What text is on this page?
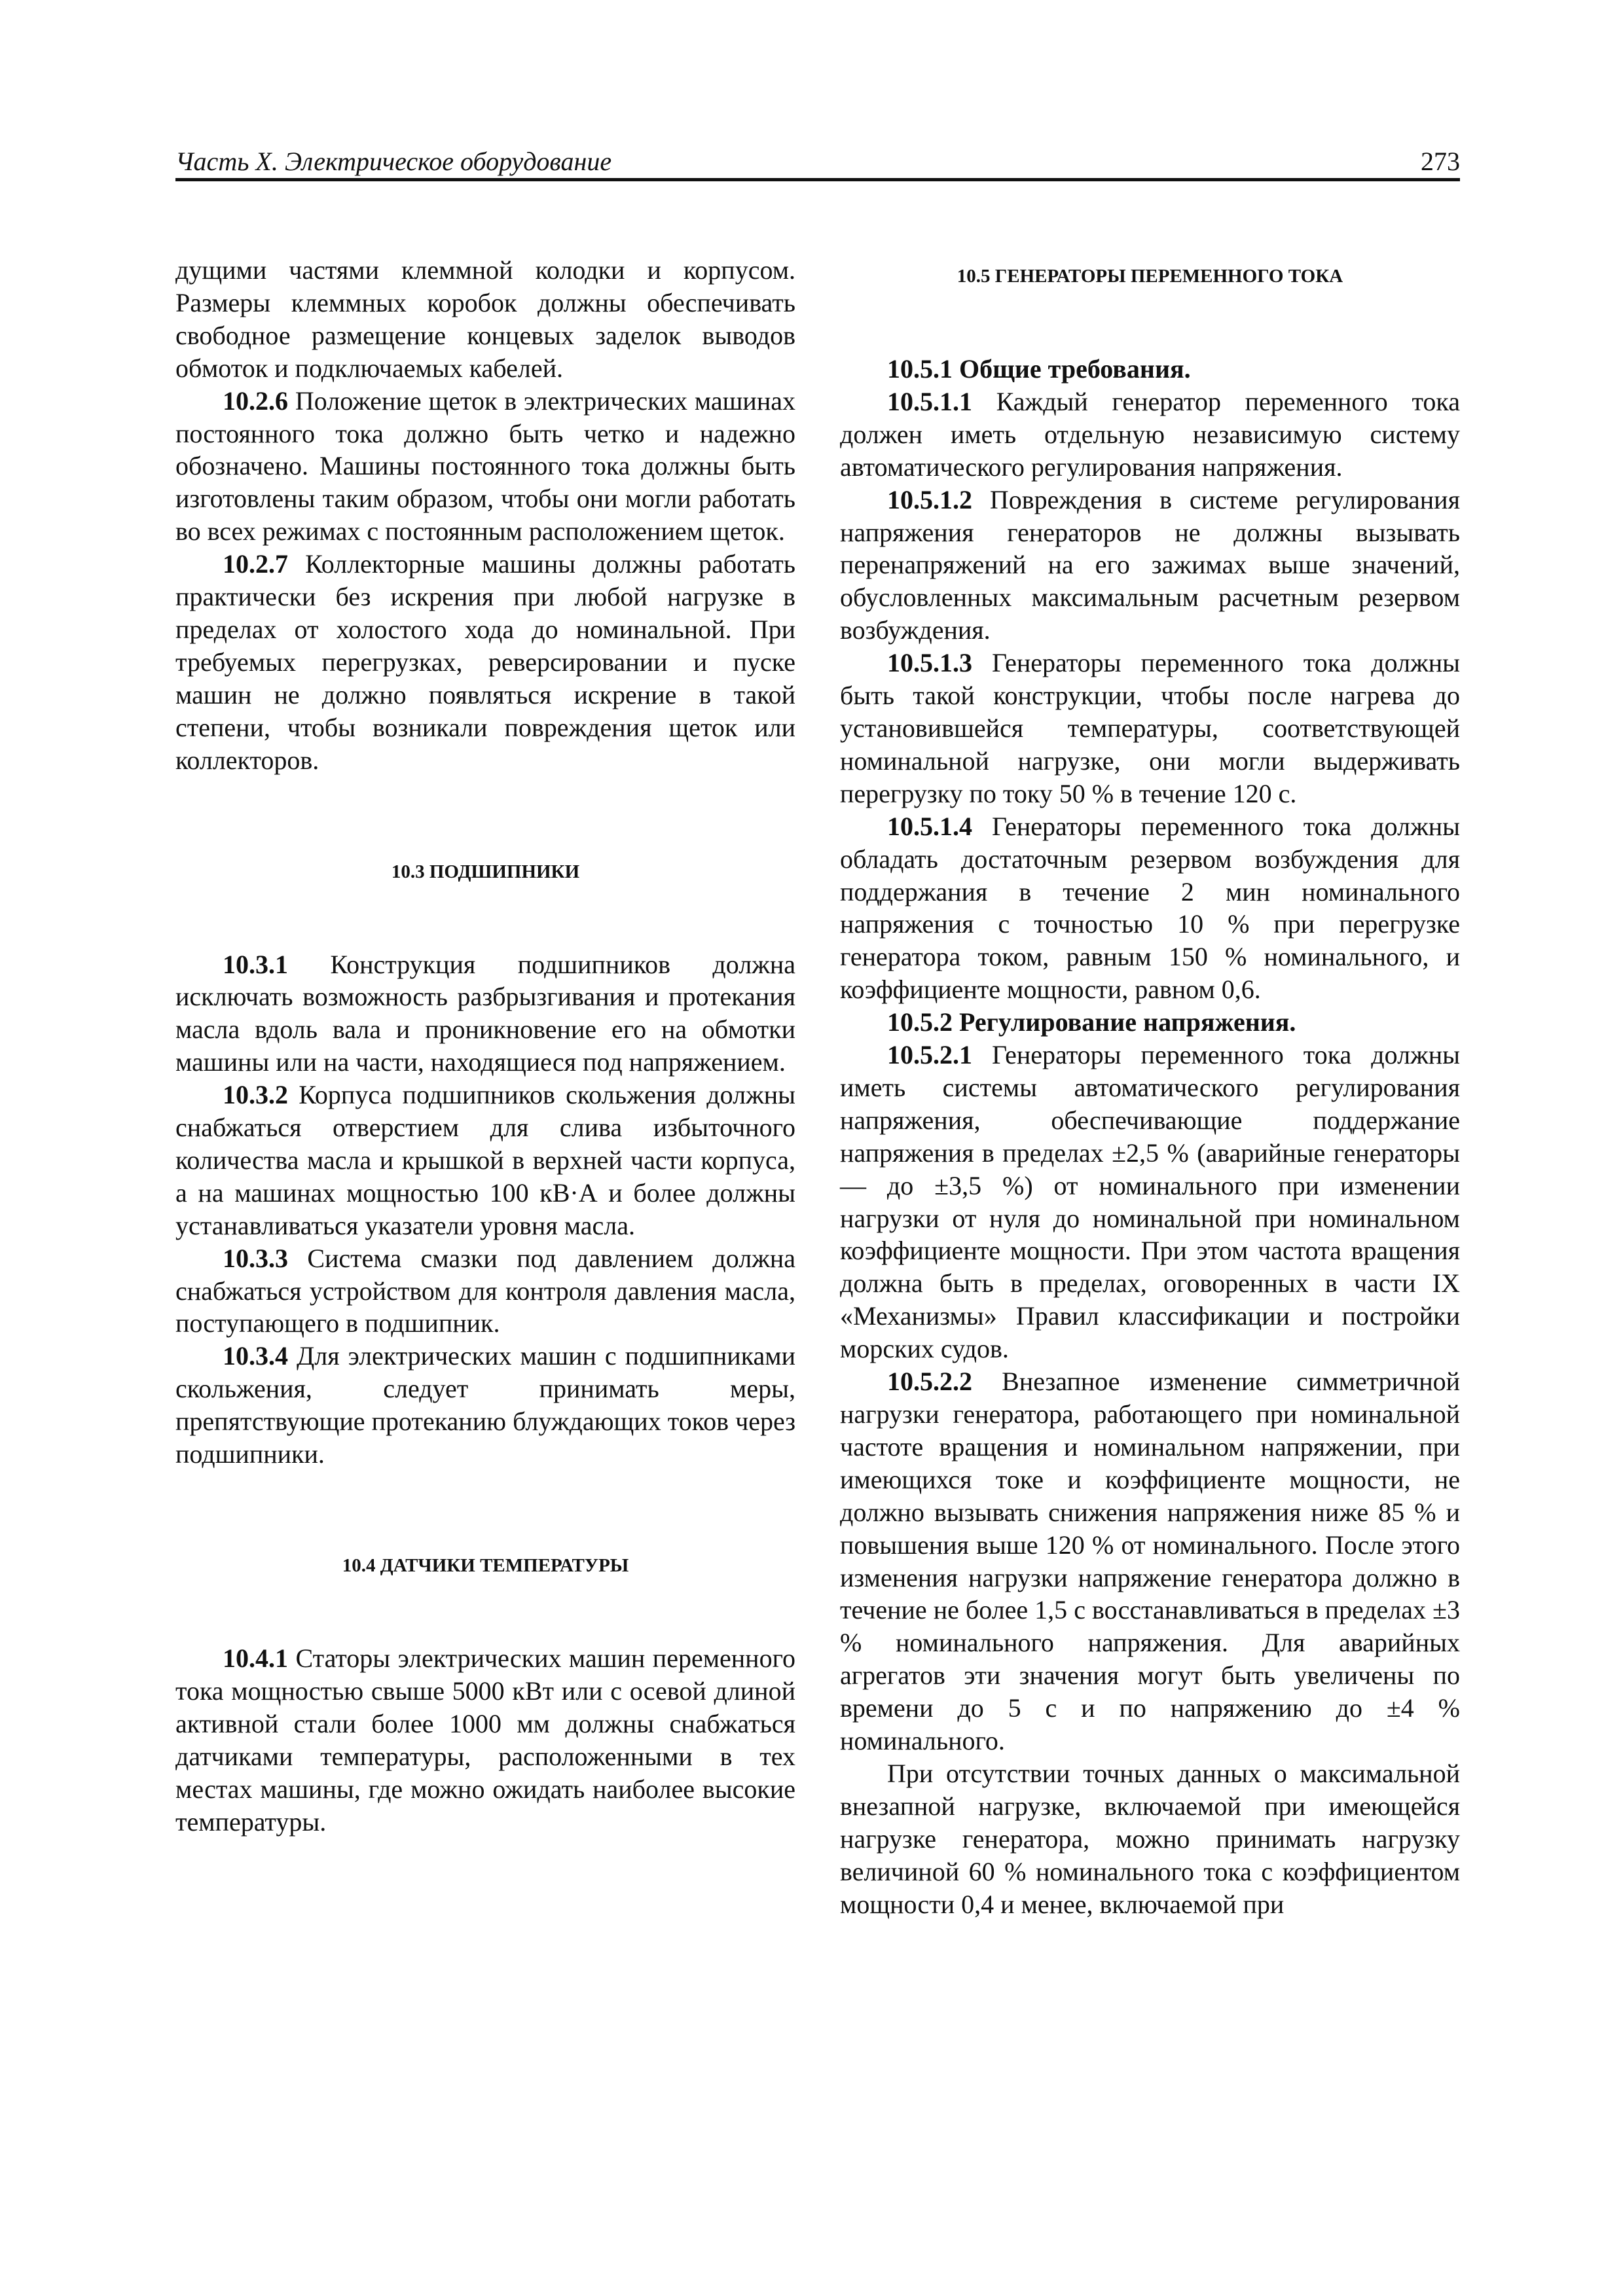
Часть X. Электрическое оборудование	273

дущими частями клеммной колодки и корпусом. Размеры клеммных коробок должны обеспечивать свободное размещение концевых заделок выводов обмоток и подключаемых кабелей.

10.2.6 Положение щеток в электрических машинах постоянного тока должно быть четко и надежно обозначено. Машины постоянного тока должны быть изготовлены таким образом, чтобы они могли работать во всех режимах с постоянным расположением щеток.

10.2.7 Коллекторные машины должны работать практически без искрения при любой нагрузке в пределах от холостого хода до номинальной. При требуемых перегрузках, реверсировании и пуске машин не должно появляться искрение в такой степени, чтобы возникали повреждения щеток или коллекторов.

10.3 ПОДШИПНИКИ

10.3.1 Конструкция подшипников должна исключать возможность разбрызгивания и протекания масла вдоль вала и проникновение его на обмотки машины или на части, находящиеся под напряжением.

10.3.2 Корпуса подшипников скольжения должны снабжаться отверстием для слива избыточного количества масла и крышкой в верхней части корпуса, а на машинах мощностью 100 кВ·А и более должны устанавливаться указатели уровня масла.

10.3.3 Система смазки под давлением должна снабжаться устройством для контроля давления масла, поступающего в подшипник.

10.3.4 Для электрических машин с подшипниками скольжения, следует принимать меры, препятствующие протеканию блуждающих токов через подшипники.

10.4 ДАТЧИКИ ТЕМПЕРАТУРЫ

10.4.1 Статоры электрических машин переменного тока мощностью свыше 5000 кВт или с осевой длиной активной стали более 1000 мм должны снабжаться датчиками температуры, расположенными в тех местах машины, где можно ожидать наиболее высокие температуры.

10.5 ГЕНЕРАТОРЫ ПЕРЕМЕННОГО ТОКА

10.5.1 Общие требования.

10.5.1.1 Каждый генератор переменного тока должен иметь отдельную независимую систему автоматического регулирования напряжения.

10.5.1.2 Повреждения в системе регулирования напряжения генераторов не должны вызывать перенапряжений на его зажимах выше значений, обусловленных максимальным расчетным резервом возбуждения.

10.5.1.3 Генераторы переменного тока должны быть такой конструкции, чтобы после нагрева до установившейся температуры, соответствующей номинальной нагрузке, они могли выдерживать перегрузку по току 50 % в течение 120 с.

10.5.1.4 Генераторы переменного тока должны обладать достаточным резервом возбуждения для поддержания в течение 2 мин номинального напряжения с точностью 10 % при перегрузке генератора током, равным 150 % номинального, и коэффициенте мощности, равном 0,6.

10.5.2 Регулирование напряжения.

10.5.2.1 Генераторы переменного тока должны иметь системы автоматического регулирования напряжения, обеспечивающие поддержание напряжения в пределах ±2,5 % (аварийные генераторы — до ±3,5 %) от номинального при изменении нагрузки от нуля до номинальной при номинальном коэффициенте мощности. При этом частота вращения должна быть в пределах, оговоренных в части IX «Механизмы» Правил классификации и постройки морских судов.

10.5.2.2 Внезапное изменение симметричной нагрузки генератора, работающего при номинальной частоте вращения и номинальном напряжении, при имеющихся токе и коэффициенте мощности, не должно вызывать снижения напряжения ниже 85 % и повышения выше 120 % от номинального. После этого изменения нагрузки напряжение генератора должно в течение не более 1,5 с восстанавливаться в пределах ±3 % номинального напряжения. Для аварийных агрегатов эти значения могут быть увеличены по времени до 5 с и по напряжению до ±4 % номинального.

При отсутствии точных данных о максимальной внезапной нагрузке, включаемой при имеющейся нагрузке генератора, можно принимать нагрузку величиной 60 % номинального тока с коэффициентом мощности 0,4 и менее, включаемой при
